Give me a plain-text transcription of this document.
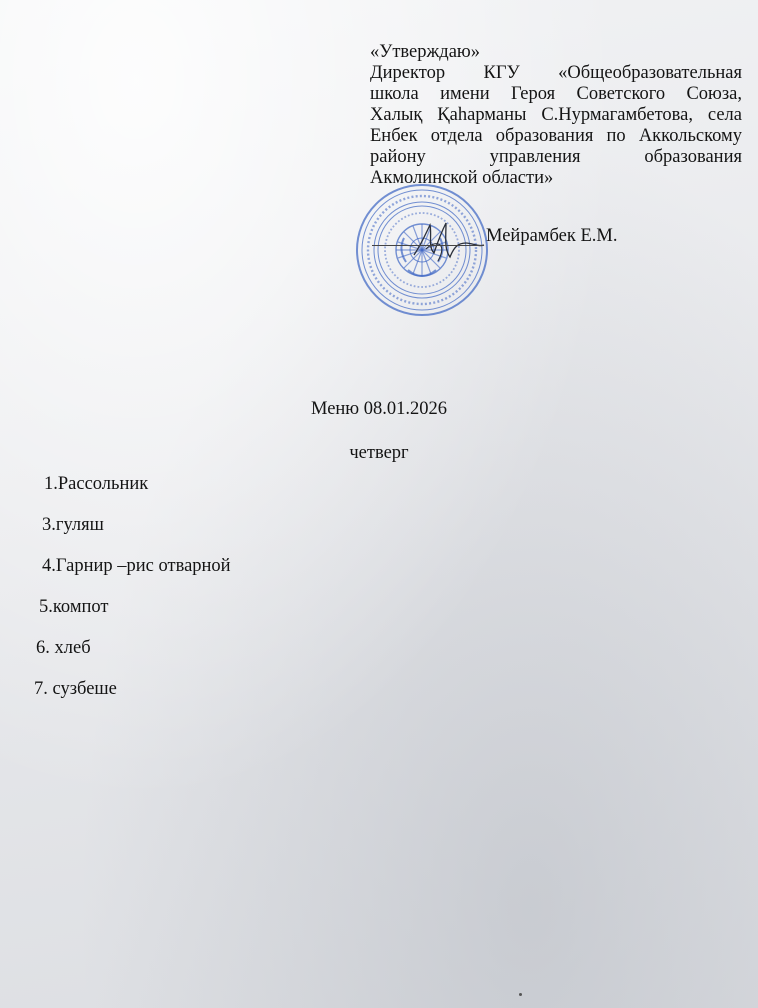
«Утверждаю»
Директор КГУ «Общеобразовательная
школа имени Героя Советского Союза,
Халық Қаһарманы С.Нурмагамбетова, села
Енбек отдела образования по Аккольскому
району управления образования
Акмолинской области»
Мейрамбек Е.М.
Меню 08.01.2026
четверг
1.Рассольник
3.гуляш
4.Гарнир –рис отварной
5.компот
6. хлеб
7. сузбеше
